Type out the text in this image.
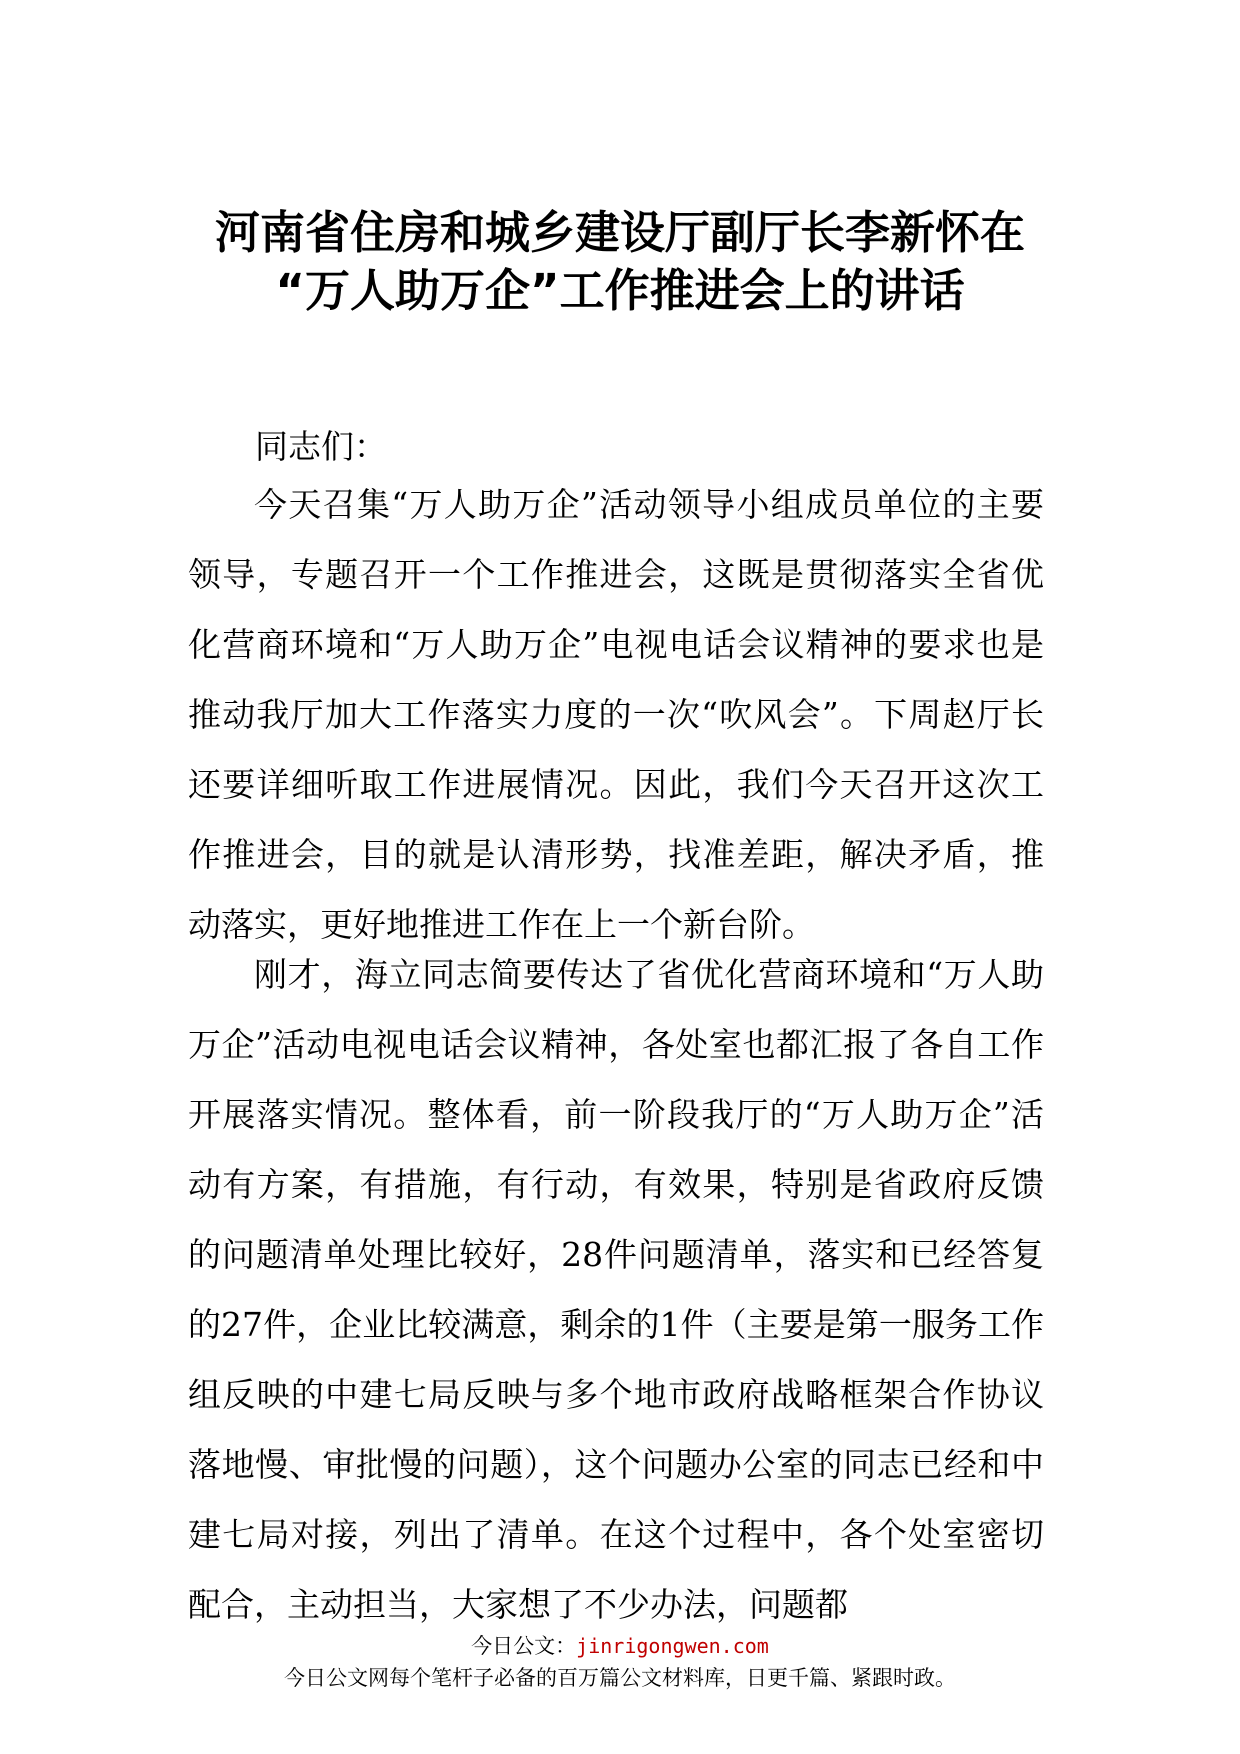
河南省住房和城乡建设厅副厅长李新怀在
“万人助万企”工作推进会上的讲话

同志们：

今天召集“万人助万企”活动领导小组成员单位的主要领导，专题召开一个工作推进会，这既是贯彻落实全省优化营商环境和“万人助万企”电视电话会议精神的要求也是推动我厅加大工作落实力度的一次“吹风会”。下周赵厅长还要详细听取工作进展情况。因此，我们今天召开这次工作推进会，目的就是认清形势，找准差距，解决矛盾，推动落实，更好地推进工作在上一个新台阶。

刚才，海立同志简要传达了省优化营商环境和“万人助万企”活动电视电话会议精神，各处室也都汇报了各自工作开展落实情况。整体看，前一阶段我厅的“万人助万企”活动有方案，有措施，有行动，有效果，特别是省政府反馈的问题清单处理比较好，28件问题清单，落实和已经答复的27件，企业比较满意，剩余的1件（主要是第一服务工作组反映的中建七局反映与多个地市政府战略框架合作协议落地慢、审批慢的问题），这个问题办公室的同志已经和中建七局对接，列出了清单。在这个过程中，各个处室密切配合，主动担当，大家想了不少办法，问题都

今日公文：jinrigongwen.com
今日公文网每个笔杆子必备的百万篇公文材料库，日更千篇、紧跟时政。
